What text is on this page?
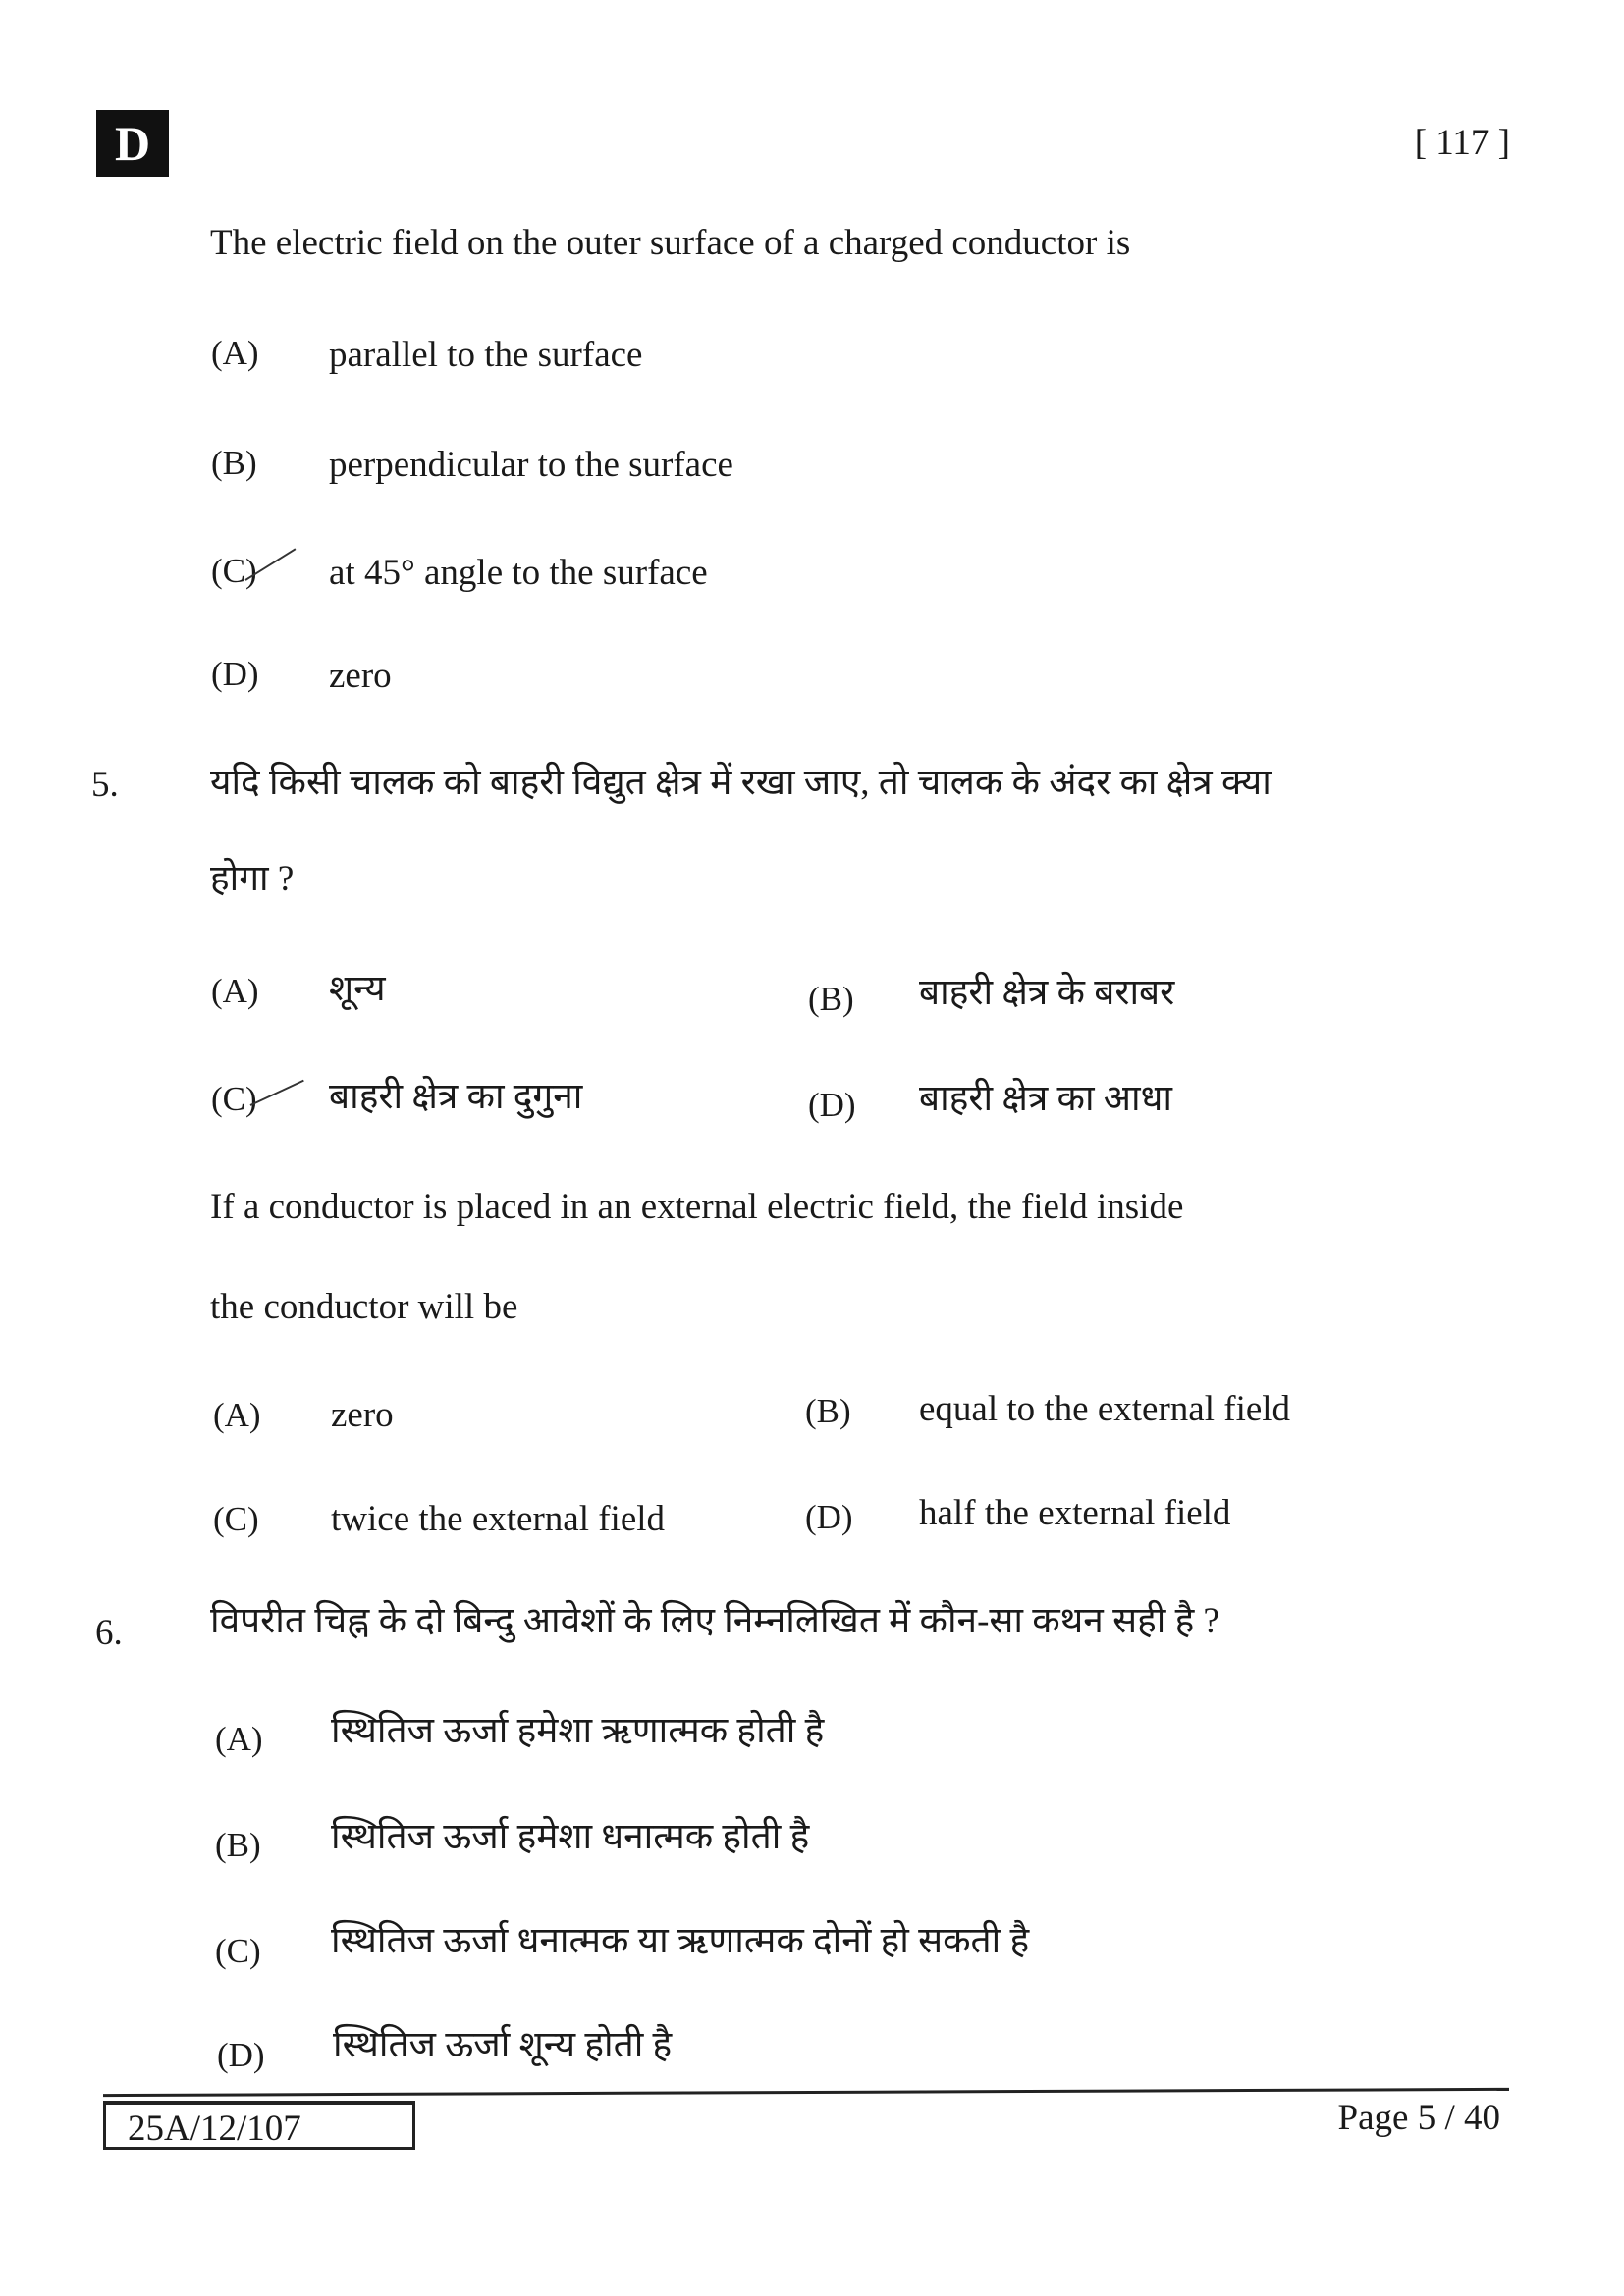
D	[ 117 ]
The electric field on the outer surface of a charged conductor is
(A) parallel to the surface
(B) perpendicular to the surface
(C) at 45° angle to the surface
(D) zero
5.	यदि किसी चालक को बाहरी विद्युत क्षेत्र में रखा जाए, तो चालक के अंदर का क्षेत्र क्या
होगा ?
(A) शून्य	(B) बाहरी क्षेत्र के बराबर
(C) बाहरी क्षेत्र का दुगुना	(D) बाहरी क्षेत्र का आधा
If a conductor is placed in an external electric field, the field inside
the conductor will be
(A) zero	(B) equal to the external field
(C) twice the external field	(D) half the external field
6. विपरीत चिह्न के दो बिन्दु आवेशों के लिए निम्नलिखित में कौन-सा कथन सही है ?
(A) स्थितिज ऊर्जा हमेशा ऋणात्मक होती है
(B) स्थितिज ऊर्जा हमेशा धनात्मक होती है
(C) स्थितिज ऊर्जा धनात्मक या ऋणात्मक दोनों हो सकती है
(D) स्थितिज ऊर्जा शून्य होती है
25A/12/107	Page 5 / 40
